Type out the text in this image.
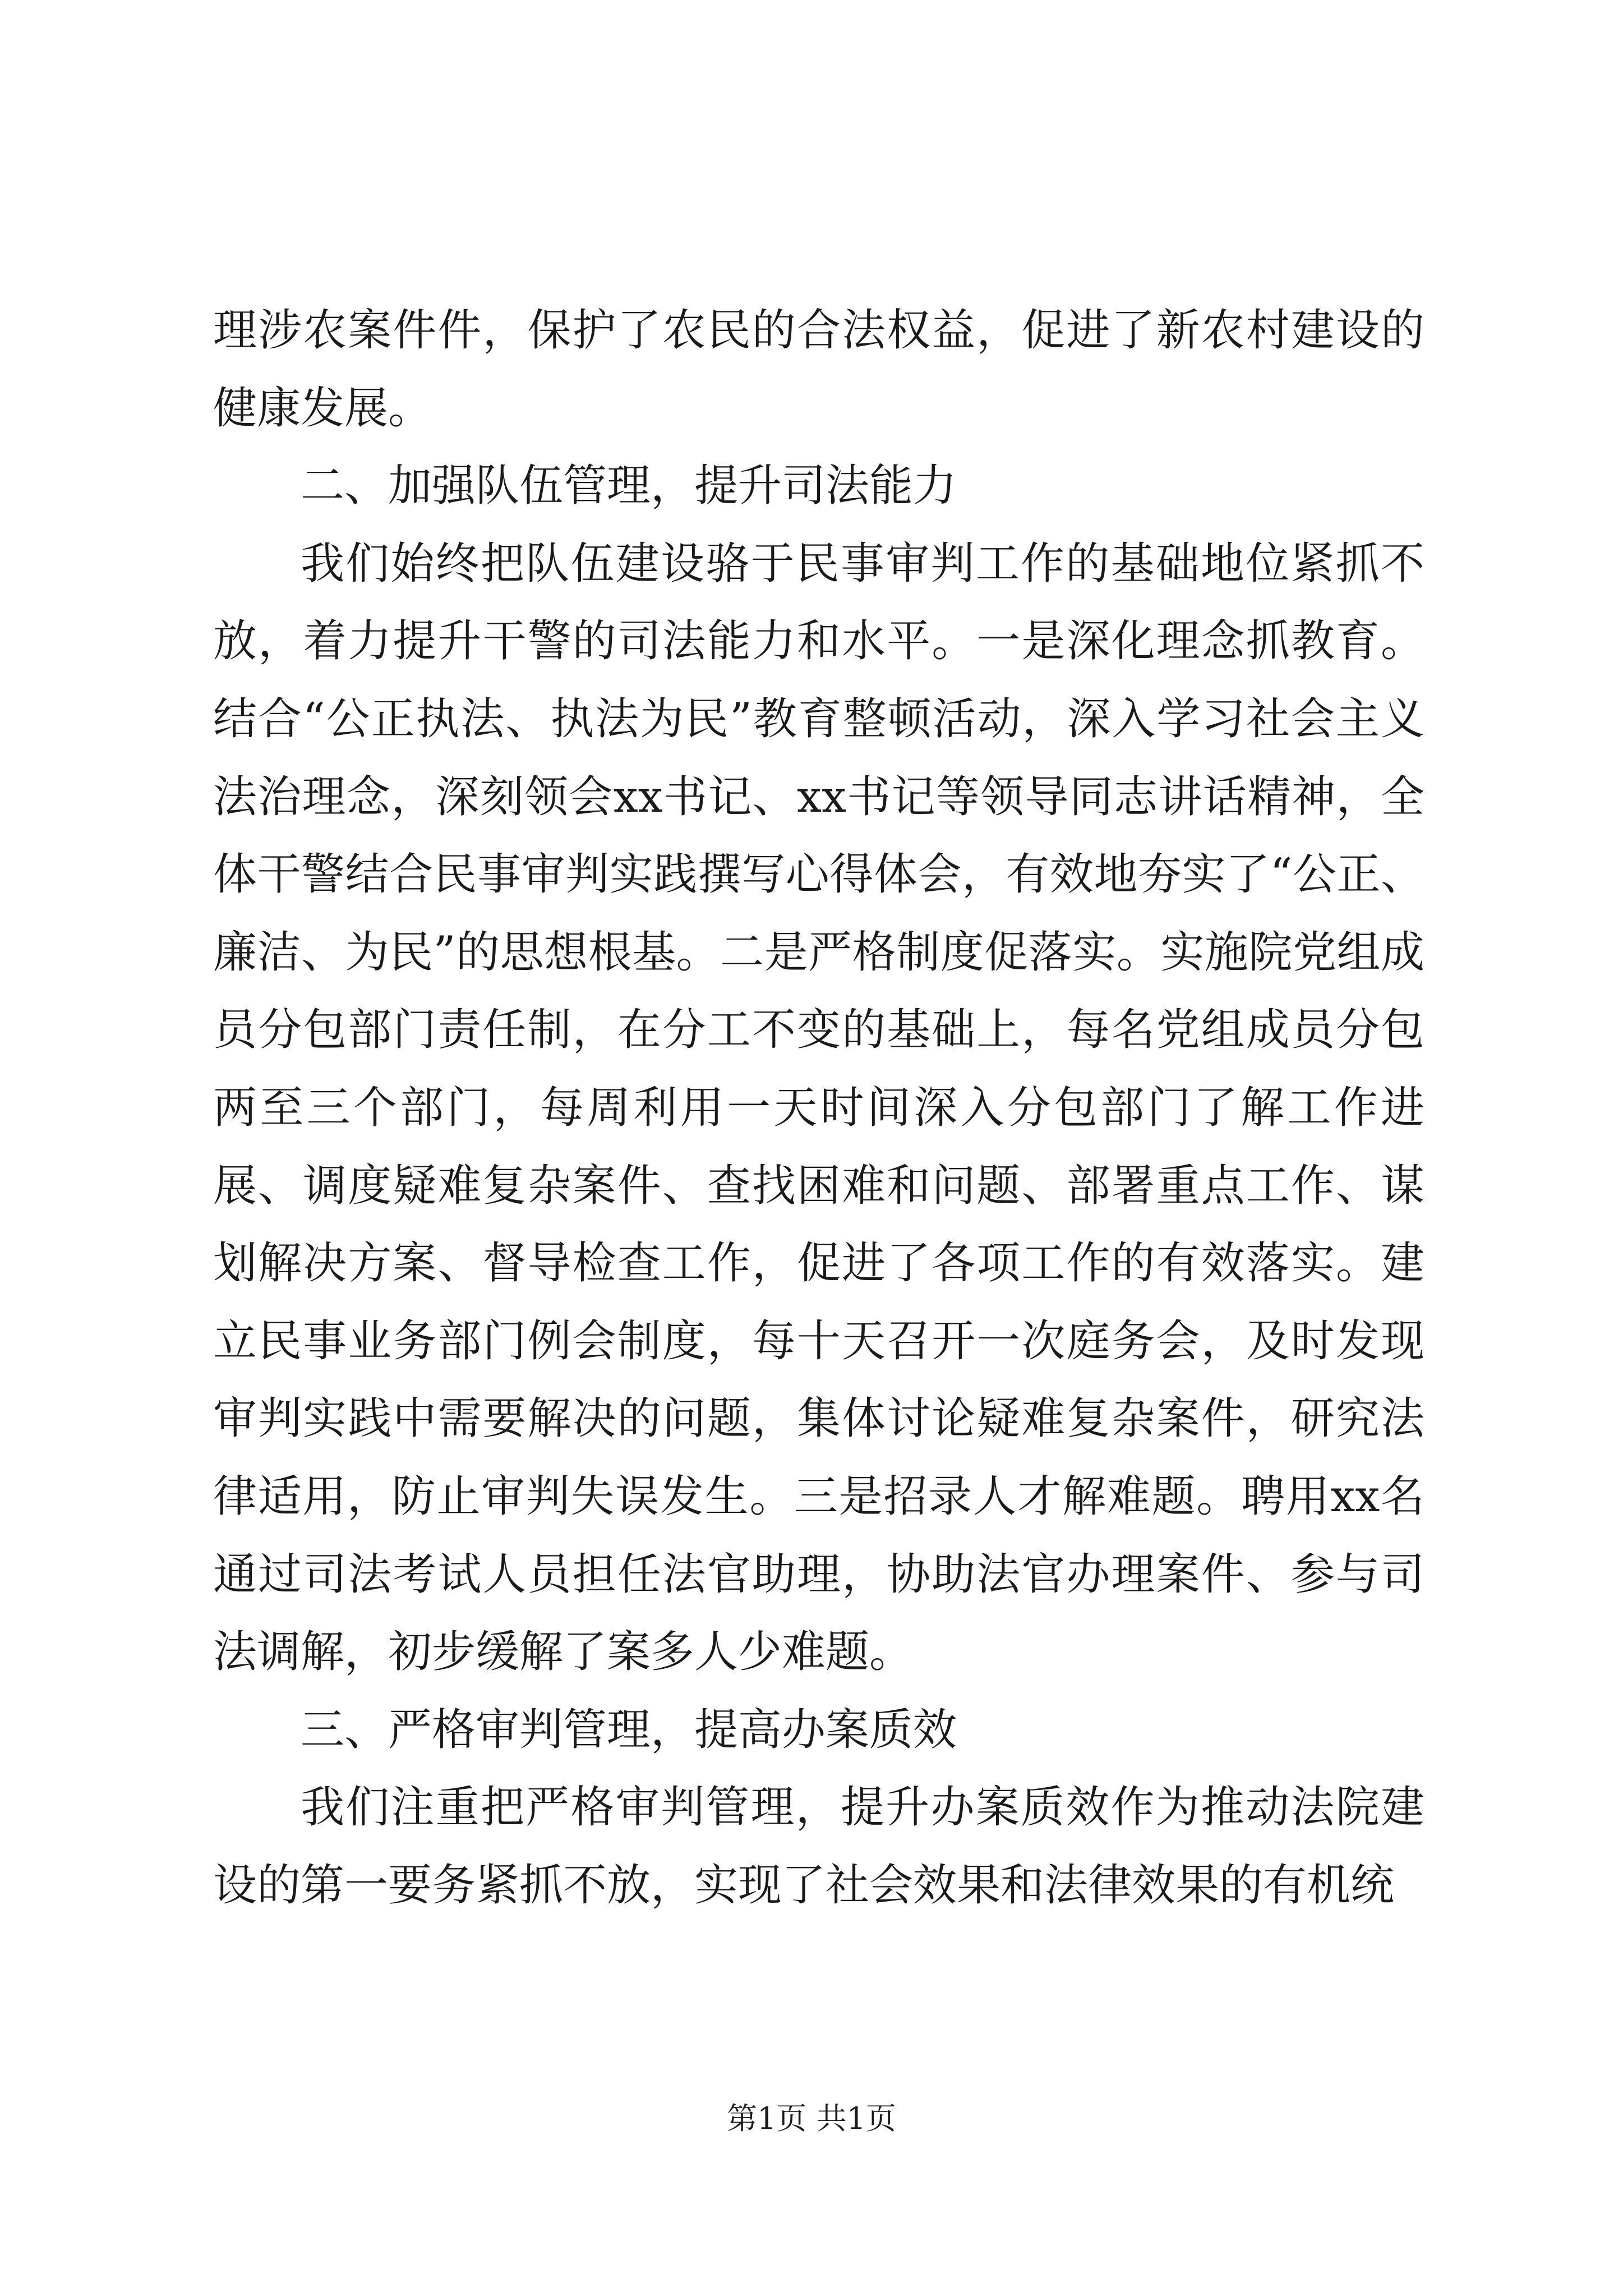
理涉农案件件，保护了农民的合法权益，促进了新农村建设的健康发展。

二、加强队伍管理，提升司法能力

我们始终把队伍建设骆于民事审判工作的基础地位紧抓不放，着力提升干警的司法能力和水平。一是深化理念抓教育。结合“公正执法、执法为民”教育整顿活动，深入学习社会主义法治理念，深刻领会xx书记、xx书记等领导同志讲话精神，全体干警结合民事审判实践撰写心得体会，有效地夯实了“公正、廉洁、为民”的思想根基。二是严格制度促落实。实施院党组成员分包部门责任制，在分工不变的基础上，每名党组成员分包两至三个部门，每周利用一天时间深入分包部门了解工作进展、调度疑难复杂案件、查找困难和问题、部署重点工作、谋划解决方案、督导检查工作，促进了各项工作的有效落实。建立民事业务部门例会制度，每十天召开一次庭务会，及时发现审判实践中需要解决的问题，集体讨论疑难复杂案件，研究法律适用，防止审判失误发生。三是招录人才解难题。聘用xx名通过司法考试人员担任法官助理，协助法官办理案件、参与司法调解，初步缓解了案多人少难题。

三、严格审判管理，提高办案质效

我们注重把严格审判管理，提升办案质效作为推动法院建设的第一要务紧抓不放，实现了社会效果和法律效果的有机统

第1页 共1页
